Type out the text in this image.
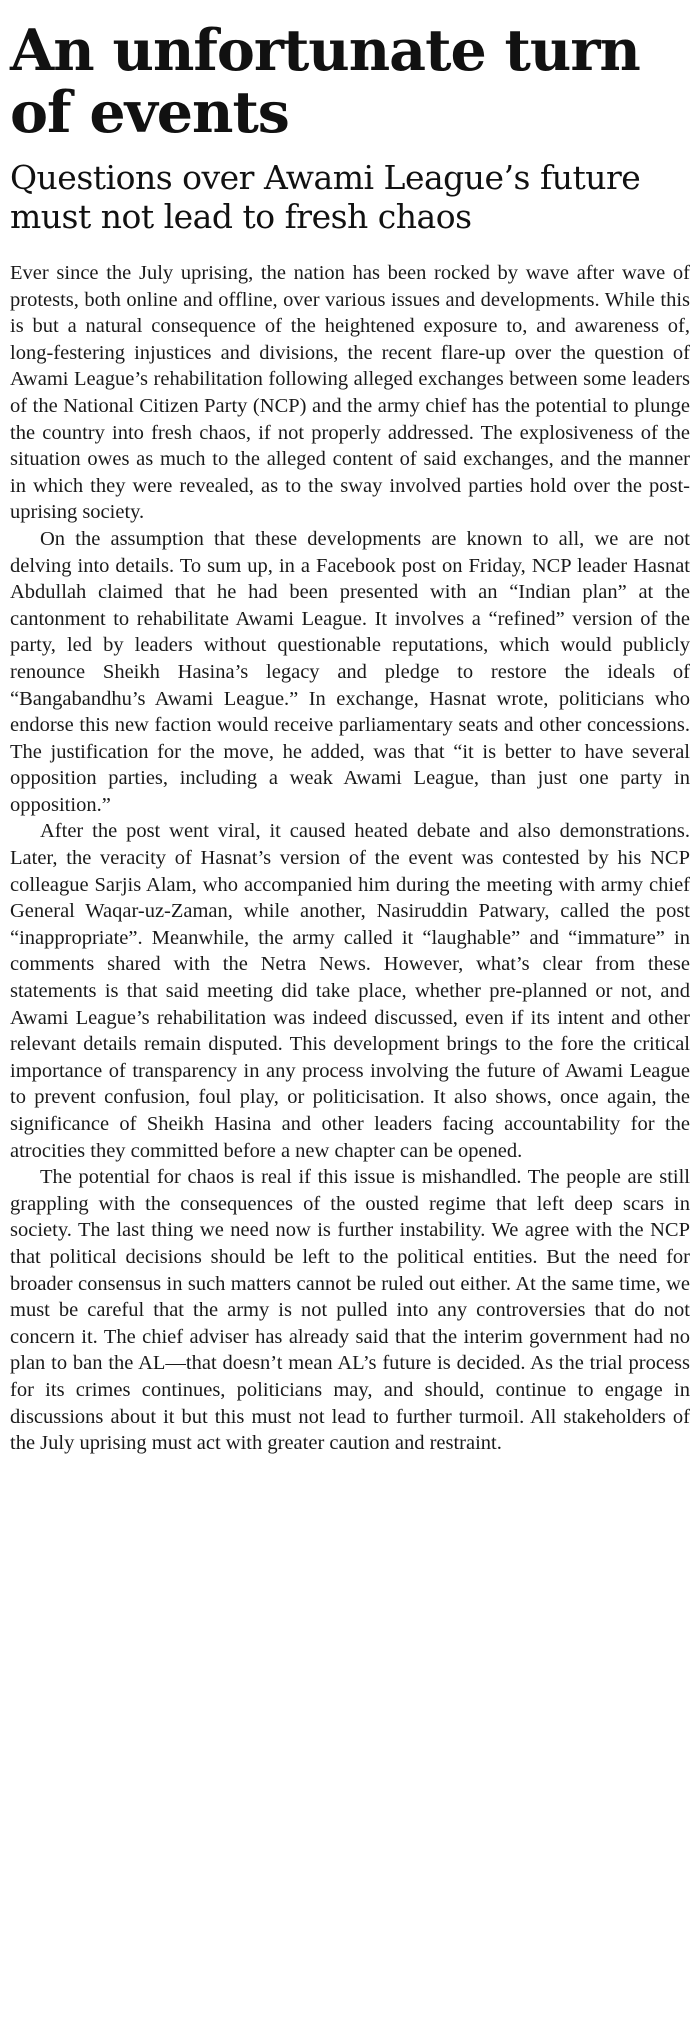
An unfortunate turn of events
Questions over Awami League’s future must not lead to fresh chaos

Ever since the July uprising, the nation has been rocked by wave after wave of protests, both online and offline, over various issues and developments. While this is but a natural consequence of the heightened exposure to, and awareness of, long-festering injustices and divisions, the recent flare-up over the question of Awami League’s rehabilitation following alleged exchanges between some leaders of the National Citizen Party (NCP) and the army chief has the potential to plunge the country into fresh chaos, if not properly addressed. The explosiveness of the situation owes as much to the alleged content of said exchanges, and the manner in which they were revealed, as to the sway involved parties hold over the post-uprising society.

On the assumption that these developments are known to all, we are not delving into details. To sum up, in a Facebook post on Friday, NCP leader Hasnat Abdullah claimed that he had been presented with an “Indian plan” at the cantonment to rehabilitate Awami League. It involves a “refined” version of the party, led by leaders without questionable reputations, which would publicly renounce Sheikh Hasina’s legacy and pledge to restore the ideals of “Bangabandhu’s Awami League.” In exchange, Hasnat wrote, politicians who endorse this new faction would receive parliamentary seats and other concessions. The justification for the move, he added, was that “it is better to have several opposition parties, including a weak Awami League, than just one party in opposition.”

After the post went viral, it caused heated debate and also demonstrations. Later, the veracity of Hasnat’s version of the event was contested by his NCP colleague Sarjis Alam, who accompanied him during the meeting with army chief General Waqar-uz-Zaman, while another, Nasiruddin Patwary, called the post “inappropriate”. Meanwhile, the army called it “laughable” and “immature” in comments shared with the Netra News. However, what’s clear from these statements is that said meeting did take place, whether pre-planned or not, and Awami League’s rehabilitation was indeed discussed, even if its intent and other relevant details remain disputed. This development brings to the fore the critical importance of transparency in any process involving the future of Awami League to prevent confusion, foul play, or politicisation. It also shows, once again, the significance of Sheikh Hasina and other leaders facing accountability for the atrocities they committed before a new chapter can be opened.

The potential for chaos is real if this issue is mishandled. The people are still grappling with the consequences of the ousted regime that left deep scars in society. The last thing we need now is further instability. We agree with the NCP that political decisions should be left to the political entities. But the need for broader consensus in such matters cannot be ruled out either. At the same time, we must be careful that the army is not pulled into any controversies that do not concern it. The chief adviser has already said that the interim government had no plan to ban the AL—that doesn’t mean AL’s future is decided. As the trial process for its crimes continues, politicians may, and should, continue to engage in discussions about it but this must not lead to further turmoil. All stakeholders of the July uprising must act with greater caution and restraint.
